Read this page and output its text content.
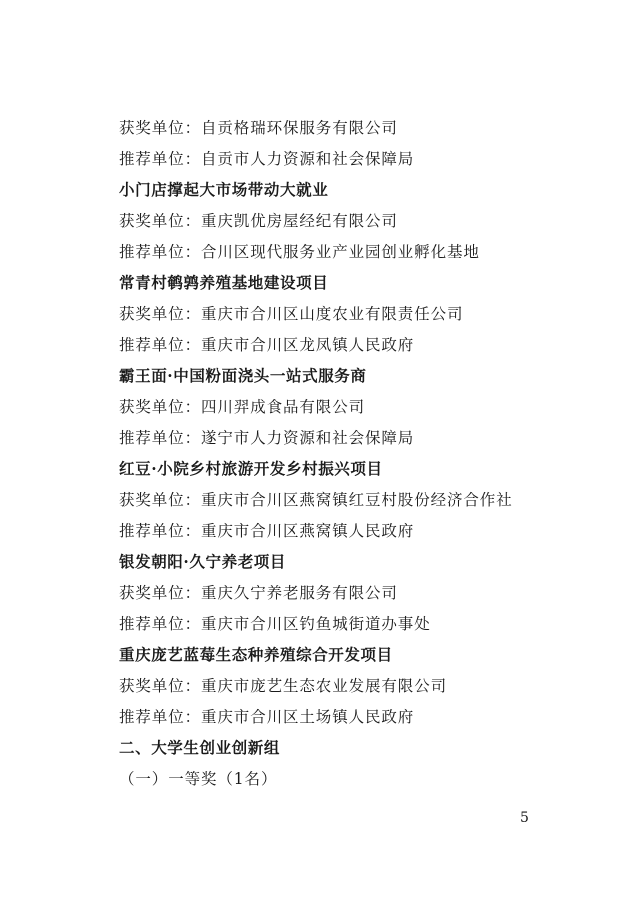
获奖单位：自贡格瑞环保服务有限公司
推荐单位：自贡市人力资源和社会保障局
小门店撑起大市场带动大就业
获奖单位：重庆凯优房屋经纪有限公司
推荐单位：合川区现代服务业产业园创业孵化基地
常青村鹌鹑养殖基地建设项目
获奖单位：重庆市合川区山度农业有限责任公司
推荐单位：重庆市合川区龙凤镇人民政府
霸王面·中国粉面浇头一站式服务商
获奖单位：四川羿成食品有限公司
推荐单位：遂宁市人力资源和社会保障局
红豆·小院乡村旅游开发乡村振兴项目
获奖单位：重庆市合川区燕窝镇红豆村股份经济合作社
推荐单位：重庆市合川区燕窝镇人民政府
银发朝阳·久宁养老项目
获奖单位：重庆久宁养老服务有限公司
推荐单位：重庆市合川区钓鱼城街道办事处
重庆庞艺蓝莓生态种养殖综合开发项目
获奖单位：重庆市庞艺生态农业发展有限公司
推荐单位：重庆市合川区土场镇人民政府
二、大学生创业创新组
（一）一等奖（1名）
5
